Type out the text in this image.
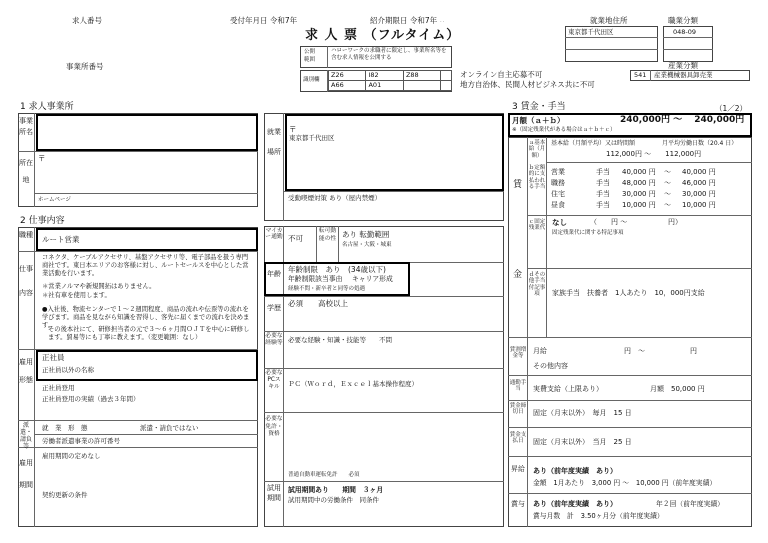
求人番号	受付年月日 令和7年	紹介期限日 令和7年 ．．
求 人 票 （フルタイム）
事業所番号
公開
範囲
ハローワークの求職者に限定し、事業所名等を含む求人情報を公開する
識別欄
Z26	I82	Z88	
A66	A01		
オンライン自主応募不可
地方自治体、民間人材ビジネス共に不可
就業地住所	職業分類
東京都千代田区	048-09
産業分類
541 産業機械器具卸売業
1 求人事業所
事業所名
所在地
〒
ホームページ
就業場所
〒
東京都千代田区
受動喫煙対策 あり（屋内禁煙）
2 仕事内容
職種 ルート営業
仕事内容
コネクタ、ケーブルアクセサリ、基盤アクセサリ等、電子部品を扱う専門商社です。東日本エリアのお客様に対し、ルートセールスを中心とした営業活動を行います。
＊営業ノルマや新規開拓はありません。
＊社有車を使用します。
●入社後、物流センターで１～２週間程度、商品の流れや伝票等の流れを学びます。商品を見ながら知識を習得し、客先に届くまでの流れを決めます。
その後本社にて、研修担当者の元で３～６ヶ月間ＯＪＴを中心に研修します。貿易等にも丁寧に教えます。（変更範囲：なし）
雇用形態
正社員
正社員以外の名称
正社員登用
正社員登用の実績（過去３年間）
派遣・請負等
就　業　形　態	派遣・請負ではない
労働者派遣事業の許可番号
雇用期間
雇用期間の定めなし
契約更新の条件
マイカー通勤 不可
転可動能の性 あり 転勤範囲
名古屋・大阪・城東
年齢 年齢制限　あり　(34歳以下)
年齢制限該当事由 キャリア形成
経験不問・新卒者と同等の処遇
学歴 必須　　高校以上
必要な経験等 必要な経験・知識・技能等　　不問
必要なPCスキル	ＰＣ（Ｗｏｒｄ，Ｅｘｃｅｌ基本操作程度）
必要な免許・資格
普通自動車運転免許　　必須
試用期間
試用期間あり　　期間　３ヶ月
試用期間中の労働条件　同条件
3 賃金・手当	（1／2）
月額（ａ＋ｂ）	240,000円 〜　 240,000円
※（固定残業代がある場合はａ＋ｂ＋ｃ）
賃
金
ａ基本給（月額）
ｂ定額的に支払われる手当
基本給（月額平均）又は時間額	月平均労働日数（20.4 日）
112,000円 〜　　112,000円
営業	手当 40,000 円 〜 40,000 円
職務	手当 48,000 円 〜 46,000 円
住宅	手当 30,000 円 〜 30,000 円
昼食	手当 10,000 円 〜 10,000 円
ｃ固定残業代
なし	（　　円 〜	円）
固定残業代に関する特記事項
ｄその他手当付記事項	家族手当　扶養者　1人あたり　10，000円支給
賃割増金等
月給	円　〜	円
その他内容
通勤手当	実費支給（上限あり）	月額　50,000 円
賃金締切日	固定（月末以外）　毎月　15 日
賃金支払日	固定（月末以外）　当月　25 日
昇給 あり（前年度実績　あり）
金額　1月あたり　3,000 円 〜　10,000 円（前年度実績）
賞与 あり（前年度実績　あり）	年２回（前年度実績）
賞与月数　計　3.50ヶ月分（前年度実績）
